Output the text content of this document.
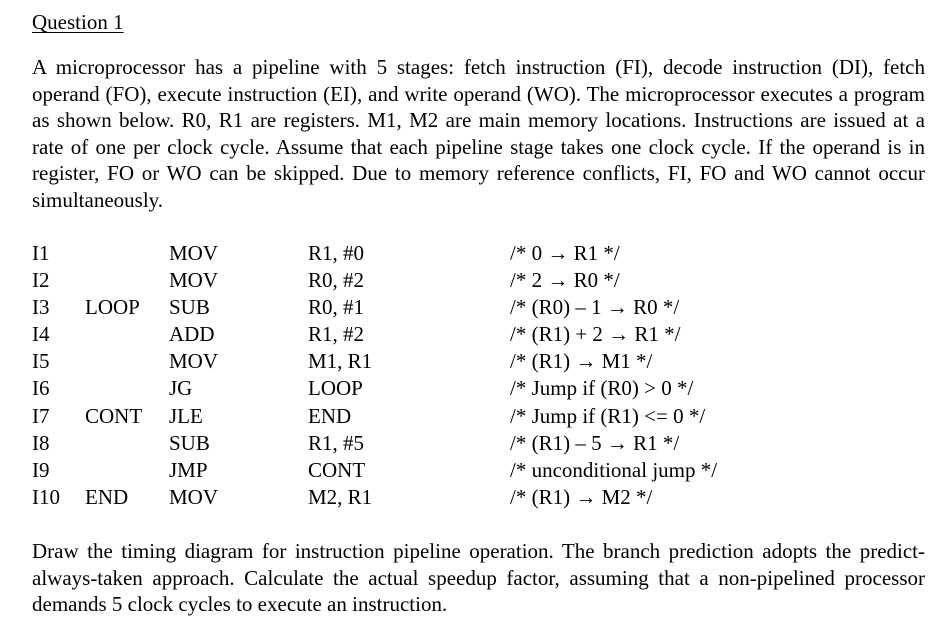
Question 1

A microprocessor has a pipeline with 5 stages: fetch instruction (FI), decode instruction (DI), fetch operand (FO), execute instruction (EI), and write operand (WO). The microprocessor executes a program as shown below. R0, R1 are registers. M1, M2 are main memory locations. Instructions are issued at a rate of one per clock cycle. Assume that each pipeline stage takes one clock cycle. If the operand is in register, FO or WO can be skipped. Due to memory reference conflicts, FI, FO and WO cannot occur simultaneously.

I1	MOV	R1, #0	/* 0 → R1 */
I2	MOV	R0, #2	/* 2 → R0 */
I3 LOOP SUB	R0, #1	/* (R0) – 1 → R0 */
I4	ADD	R1, #2	/* (R1) + 2 → R1 */
I5	MOV	M1, R1	/* (R1) → M1 */
I6	JG	LOOP	/* Jump if (R0) > 0 */
I7 CONT JLE	END	/* Jump if (R1) <= 0 */
I8	SUB	R1, #5	/* (R1) – 5 → R1 */
I9	JMP	CONT	/* unconditional jump */
I10 END MOV	M2, R1	/* (R1) → M2 */

Draw the timing diagram for instruction pipeline operation. The branch prediction adopts the predict-always-taken approach. Calculate the actual speedup factor, assuming that a non-pipelined processor demands 5 clock cycles to execute an instruction.
